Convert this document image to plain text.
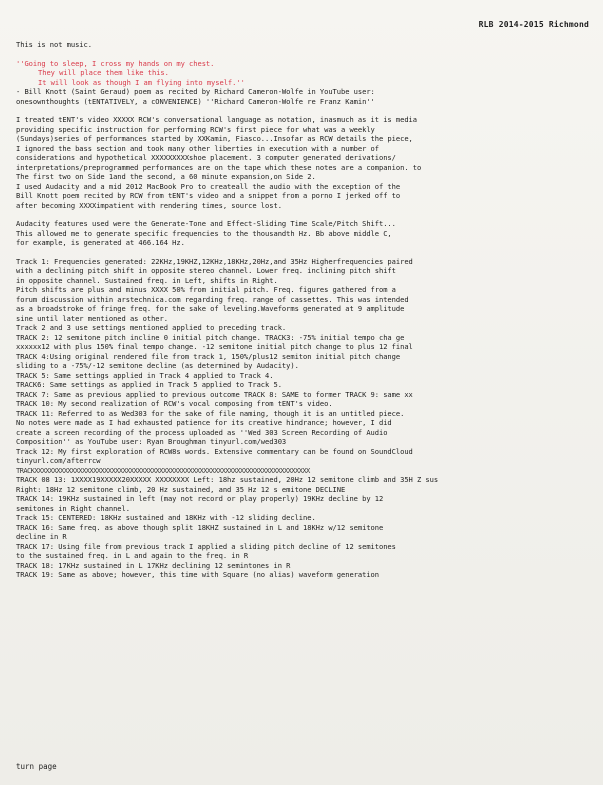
RLB 2014-2015 Richmond
This is not music.
''Going to sleep, I cross my hands on my chest.
They will place them like this.
It will look as though I am flying into myself.''
- Bill Knott (Saint Geraud) poem as recited by Richard Cameron-Wolfe in YouTube user:
onesownthoughts (tENTATIVELY, a cONVENIENCE) ''Richard Cameron-Wolfe re Franz Kamin''
I treated tENT's video XXXXX RCW's conversational language as notation, inasmuch as it is media
providing specific instruction for performing RCW's first piece for what was a weekly
(Sundays)series of performances started by XXKamin, Fiasco...Insofar as RCW details the piece,
I ignored the bass section and took many other liberties in execution with a number of
considerations and hypothetical XXXXXXXXXshoe placement. 3 computer generated derivations/
interpretations/preprogrammed performances are on the tape which these notes are a companion. to
The first two on Side 1and the second, a 60 minute expansion,on Side 2.
I used Audacity and a mid 2012 MacBook Pro to createall the audio with the exception of the
Bill Knott poem recited by RCW from tENT's video and a snippet from a porno I jerked off to
after becoming XXXXimpatient with rendering times, source lost.
Audacity features used were the Generate-Tone and Effect-Sliding Time Scale/Pitch Shift...
This allowed me to generate specific frequencies to the thousandth Hz. Bb above middle C,
for example, is generated at 466.164 Hz.
Track 1: Frequencies generated: 22KHz,19KHZ,12KHz,18KHz,20Hz,and 35Hz Higherfrequencies paired
with a declining pitch shift in opposite stereo channel. Lower freq. inclining pitch shift
in opposite channel. Sustained freq. in Left, shifts in Right.
Pitch shifts are plus and minus XXXX 50% from initial pitch. Freq. figures gathered from a
forum discussion within arstechnica.com regarding freq. range of cassettes. This was intended
as a broadstroke of fringe freq. for the sake of leveling.Waveforms generated at 9 amplitude
sine until later mentioned as other.
Track 2 and 3 use settings mentioned applied to preceding track.
TRACK 2: 12 semitone pitch incline 0 initial pitch change. TRACK3: -75% initial tempo cha ge
xxxxxx12 with plus 150% final tempo change. -12 semitone initial pitch change to plus 12 final
TRACK 4:Using original rendered file from track 1, 150%/plus12 semiton initial pitch change
sliding to a -75%/-12 semitone decline (as determined by Audacity).
TRACK 5: Same settings applied in Track 4 applied to Track 4.
TRACK6: Same settings as applied in Track 5 applied to Track 5.
TRACK 7: Same as previous applied to previous outcome TRACK 8: SAME to former TRACK 9: same xx
TRACK 10: My second realization of RCW's vocal composing from tENT's video.
TRACK 11: Referred to as Wed303 for the sake of file naming, though it is an untitled piece.
No notes were made as I had exhausted patience for its creative hindrance; however, I did
create a screen recording of the process uploaded as ''Wed 303 Screen Recording of Audio
Composition'' as YouTube user: Ryan Broughman tinyurl.com/wed303
Track 12: My first exploration of RCW8s words. Extensive commentary can be found on SoundCloud
tinyurl.com/afterrcw
TRACKXXXXXXXXXXXXXXXXXXXXXXXXXXXXXXXXXXXXXXXXXXXXXXXXXXXXXXXXXXXXXXXXXXXXXXXXXXX
TRACK 08 13: 1XXXX19XXXXX20XXXXX XXXXXXXX Left: 18hz sustained, 20Hz 12 semitone climb and 35H Z sus
Right: 18Hz 12 semitone climb, 20 Hz sustained, and 35 Hz 12 s emitone DECLINE
TRACK 14: 19KHz sustained in left (may not record or play properly) 19KHz decline by 12
semitones in Right channel.
Track 15: CENTERED: 18KHz sustained and 18KHz with -12 sliding decline.
TRACK 16: Same freq. as above though split 18KHZ sustained in L and 18KHz w/12 semitone
decline in R
TRACK 17: Using file from previous track I applied a sliding pitch decline of 12 semitones
to the sustained freq. in L and again to the freq. in R
TRACK 18: 17KHz sustained in L 17KHz declining 12 semintones in R
TRACK 19: Same as above; however, this time with Square (no alias) waveform generation
turn page
